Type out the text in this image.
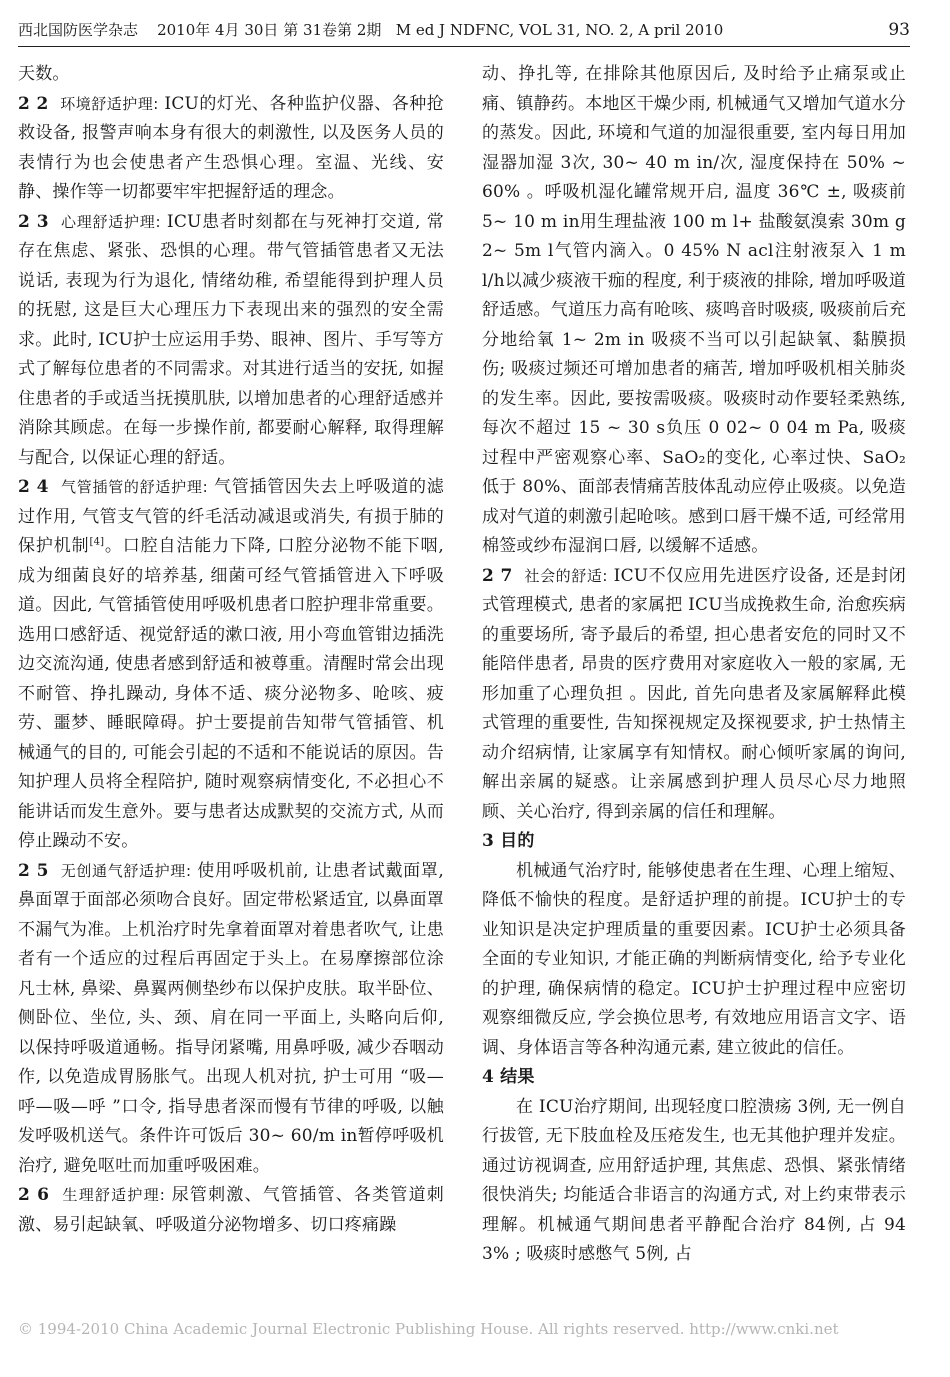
西北国防医学杂志 2010年 4月 30日 第 31卷第 2期 M ed J NDFNC, VOL 31, NO. 2, A pril 2010	93

天数。

2 2 环境舒适护理: ICU的灯光、各种监护仪器、各种抢救设备, 报警声响本身有很大的刺激性, 以及医务人员的表情行为也会使患者产生恐惧心理。室温、光线、安静、操作等一切都要牢牢把握舒适的理念。

2 3 心理舒适护理: ICU患者时刻都在与死神打交道, 常存在焦虑、紧张、恐惧的心理。带气管插管患者又无法说话, 表现为行为退化, 情绪幼稚, 希望能得到护理人员的抚慰, 这是巨大心理压力下表现出来的强烈的安全需求。此时, ICU护士应运用手势、眼神、图片、手写等方式了解每位患者的不同需求。对其进行适当的安抚, 如握住患者的手或适当抚摸肌肤, 以增加患者的心理舒适感并消除其顾虑。在每一步操作前, 都要耐心解释, 取得理解与配合, 以保证心理的舒适。

2 4 气管插管的舒适护理: 气管插管因失去上呼吸道的滤过作用, 气管支气管的纤毛活动减退或消失, 有损于肺的保护机制[4]。口腔自洁能力下降, 口腔分泌物不能下咽, 成为细菌良好的培养基, 细菌可经气管插管进入下呼吸道。因此, 气管插管使用呼吸机患者口腔护理非常重要。选用口感舒适、视觉舒适的漱口液, 用小弯血管钳边插洗边交流沟通, 使患者感到舒适和被尊重。清醒时常会出现不耐管、挣扎躁动, 身体不适、痰分泌物多、呛咳、疲劳、噩梦、睡眠障碍。护士要提前告知带气管插管、机械通气的目的, 可能会引起的不适和不能说话的原因。告知护理人员将全程陪护, 随时观察病情变化, 不必担心不能讲话而发生意外。要与患者达成默契的交流方式, 从而停止躁动不安。

2 5 无创通气舒适护理: 使用呼吸机前, 让患者试戴面罩, 鼻面罩于面部必须吻合良好。固定带松紧适宜, 以鼻面罩不漏气为准。上机治疗时先拿着面罩对着患者吹气, 让患者有一个适应的过程后再固定于头上。在易摩擦部位涂凡士林, 鼻梁、鼻翼两侧垫纱布以保护皮肤。取半卧位、侧卧位、坐位, 头、颈、肩在同一平面上, 头略向后仰, 以保持呼吸道通畅。指导闭紧嘴, 用鼻呼吸, 减少吞咽动作, 以免造成胃肠胀气。出现人机对抗, 护士可用 “吸—呼—吸—呼 ”口令, 指导患者深而慢有节律的呼吸, 以触发呼吸机送气。条件许可饭后 30~ 60/m in暂停呼吸机治疗, 避免呕吐而加重呼吸困难。

2 6 生理舒适护理: 尿管刺激、气管插管、各类管道刺激、易引起缺氧、呼吸道分泌物增多、切口疼痛躁

动、挣扎等, 在排除其他原因后, 及时给予止痛泵或止痛、镇静药。本地区干燥少雨, 机械通气又增加气道水分的蒸发。因此, 环境和气道的加湿很重要, 室内每日用加湿器加湿 3次, 30~ 40 m in/次, 湿度保持在 50% ~ 60% 。呼吸机湿化罐常规开启, 温度 36℃ ±, 吸痰前 5~ 10 m in用生理盐液 100 m l+ 盐酸氨溴索 30m g 2~ 5m l气管内滴入。0 45% N acl注射液泵入 1 m l/h以减少痰液干痂的程度, 利于痰液的排除, 增加呼吸道舒适感。气道压力高有呛咳、痰鸣音时吸痰, 吸痰前后充分地给氧 1~ 2m in 吸痰不当可以引起缺氧、黏膜损伤; 吸痰过频还可增加患者的痛苦, 增加呼吸机相关肺炎的发生率。因此, 要按需吸痰。吸痰时动作要轻柔熟练, 每次不超过 15 ~ 30 s负压 0 02~ 0 04 m Pa, 吸痰过程中严密观察心率、SaO₂的变化, 心率过快、SaO₂低于 80%、面部表情痛苦肢体乱动应停止吸痰。以免造成对气道的刺激引起呛咳。感到口唇干燥不适, 可经常用棉签或纱布湿润口唇, 以缓解不适感。

2 7 社会的舒适: ICU不仅应用先进医疗设备, 还是封闭式管理模式, 患者的家属把 ICU当成挽救生命, 治愈疾病的重要场所, 寄予最后的希望, 担心患者安危的同时又不能陪伴患者, 昂贵的医疗费用对家庭收入一般的家属, 无形加重了心理负担 。因此, 首先向患者及家属解释此模式管理的重要性, 告知探视规定及探视要求, 护士热情主动介绍病情, 让家属享有知情权。耐心倾听家属的询问, 解出亲属的疑惑。让亲属感到护理人员尽心尽力地照顾、关心治疗, 得到亲属的信任和理解。

3 目的

机械通气治疗时, 能够使患者在生理、心理上缩短、降低不愉快的程度。是舒适护理的前提。ICU护士的专业知识是决定护理质量的重要因素。ICU护士必须具备全面的专业知识, 才能正确的判断病情变化, 给予专业化的护理, 确保病情的稳定。ICU护士护理过程中应密切观察细微反应, 学会换位思考, 有效地应用语言文字、语调、身体语言等各种沟通元素, 建立彼此的信任。

4 结果

在 ICU治疗期间, 出现轻度口腔溃疡 3例, 无一例自行拔管, 无下肢血栓及压疮发生, 也无其他护理并发症。通过访视调查, 应用舒适护理, 其焦虑、恐惧、紧张情绪很快消失; 均能适合非语言的沟通方式, 对上约束带表示理解。机械通气期间患者平静配合治疗 84例, 占 94 3% ; 吸痰时感憋气 5例, 占

© 1994-2010 China Academic Journal Electronic Publishing House. All rights reserved. http://www.cnki.net
